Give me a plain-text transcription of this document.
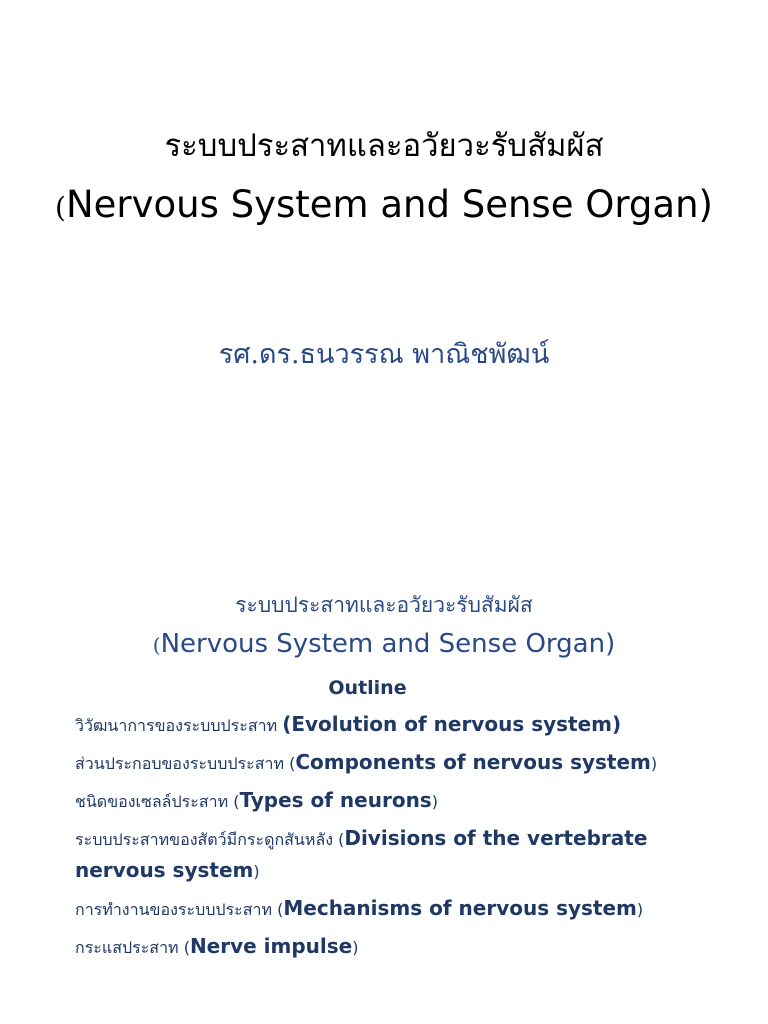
ระบบประสาทและอวัยวะรับสัมผัส
(Nervous System and Sense Organ)
รศ.ดร.ธนวรรณ พาณิชพัฒน์
ระบบประสาทและอวัยวะรับสัมผัส
(Nervous System and Sense Organ)
Outline
วิวัฒนาการของระบบประสาท (Evolution of nervous system)
ส่วนประกอบของระบบประสาท (Components of nervous system)
ชนิดของเซลล์ประสาท (Types of neurons)
ระบบประสาทของสัตว์มีกระดูกสันหลัง (Divisions of the vertebrate nervous system)
การทำงานของระบบประสาท (Mechanisms of nervous system)
กระแสประสาท (Nerve impulse)
